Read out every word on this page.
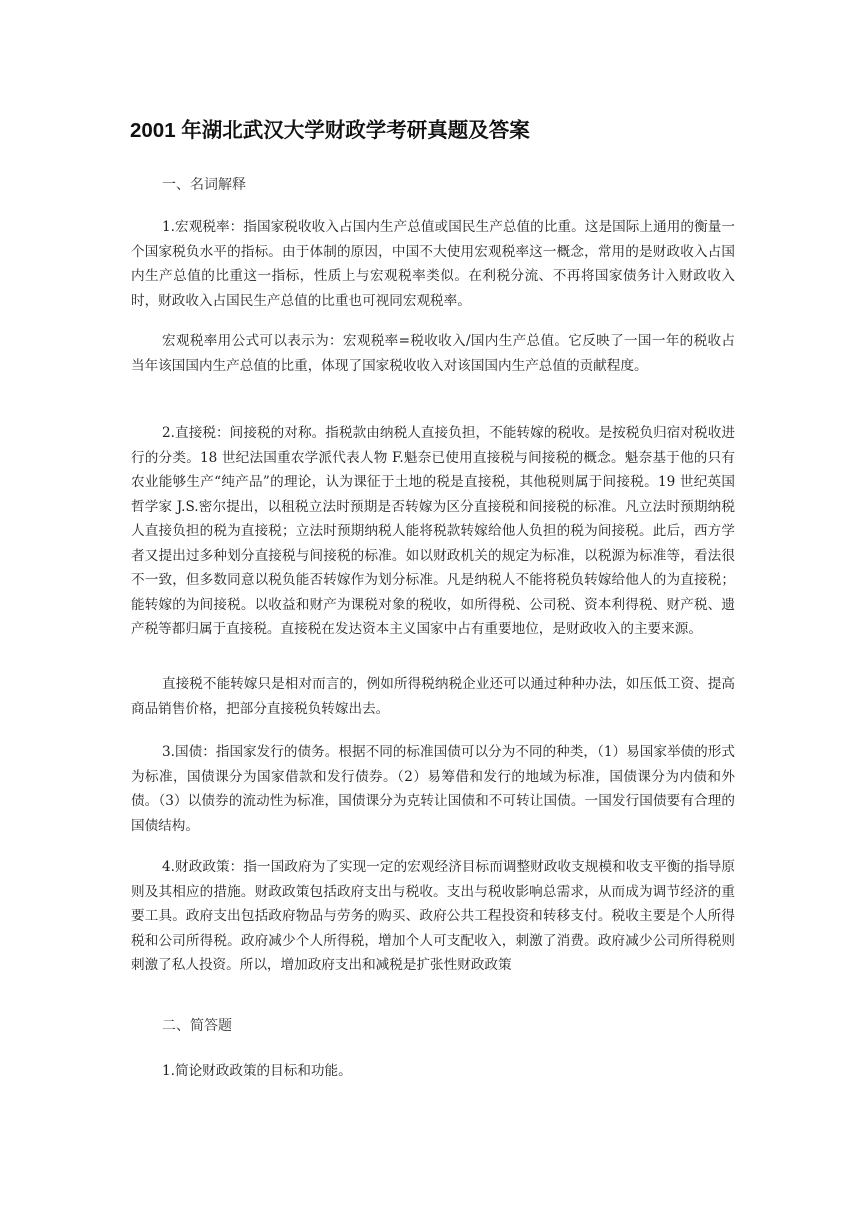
2001 年湖北武汉大学财政学考研真题及答案
一、名词解释
1.宏观税率：指国家税收收入占国内生产总值或国民生产总值的比重。这是国际上通用的衡量一个国家税负水平的指标。由于体制的原因，中国不大使用宏观税率这一概念，常用的是财政收入占国内生产总值的比重这一指标，性质上与宏观税率类似。在利税分流、不再将国家债务计入财政收入时，财政收入占国民生产总值的比重也可视同宏观税率。
宏观税率用公式可以表示为：宏观税率=税收收入/国内生产总值。它反映了一国一年的税收占当年该国国内生产总值的比重，体现了国家税收收入对该国国内生产总值的贡献程度。
2.直接税：间接税的对称。指税款由纳税人直接负担，不能转嫁的税收。是按税负归宿对税收进行的分类。18 世纪法国重农学派代表人物 F.魁奈已使用直接税与间接税的概念。魁奈基于他的只有农业能够生产“纯产品”的理论，认为课征于土地的税是直接税，其他税则属于间接税。19 世纪英国哲学家 J.S.密尔提出，以租税立法时预期是否转嫁为区分直接税和间接税的标准。凡立法时预期纳税人直接负担的税为直接税；立法时预期纳税人能将税款转嫁给他人负担的税为间接税。此后，西方学者又提出过多种划分直接税与间接税的标准。如以财政机关的规定为标准，以税源为标准等，看法很不一致，但多数同意以税负能否转嫁作为划分标准。凡是纳税人不能将税负转嫁给他人的为直接税；能转嫁的为间接税。以收益和财产为课税对象的税收，如所得税、公司税、资本利得税、财产税、遗产税等都归属于直接税。直接税在发达资本主义国家中占有重要地位，是财政收入的主要来源。
直接税不能转嫁只是相对而言的，例如所得税纳税企业还可以通过种种办法，如压低工资、提高商品销售价格，把部分直接税负转嫁出去。
3.国债：指国家发行的债务。根据不同的标准国债可以分为不同的种类，（1）易国家举债的形式为标准，国债课分为国家借款和发行债券。（2）易筹借和发行的地域为标准，国债课分为内债和外债。（3）以债券的流动性为标准，国债课分为克转让国债和不可转让国债。一国发行国债要有合理的国债结构。
4.财政政策：指一国政府为了实现一定的宏观经济目标而调整财政收支规模和收支平衡的指导原则及其相应的措施。财政政策包括政府支出与税收。支出与税收影响总需求，从而成为调节经济的重要工具。政府支出包括政府物品与劳务的购买、政府公共工程投资和转移支付。税收主要是个人所得税和公司所得税。政府减少个人所得税，增加个人可支配收入，刺激了消费。政府减少公司所得税则刺激了私人投资。所以，增加政府支出和减税是扩张性财政政策
二、简答题
1.简论财政政策的目标和功能。
